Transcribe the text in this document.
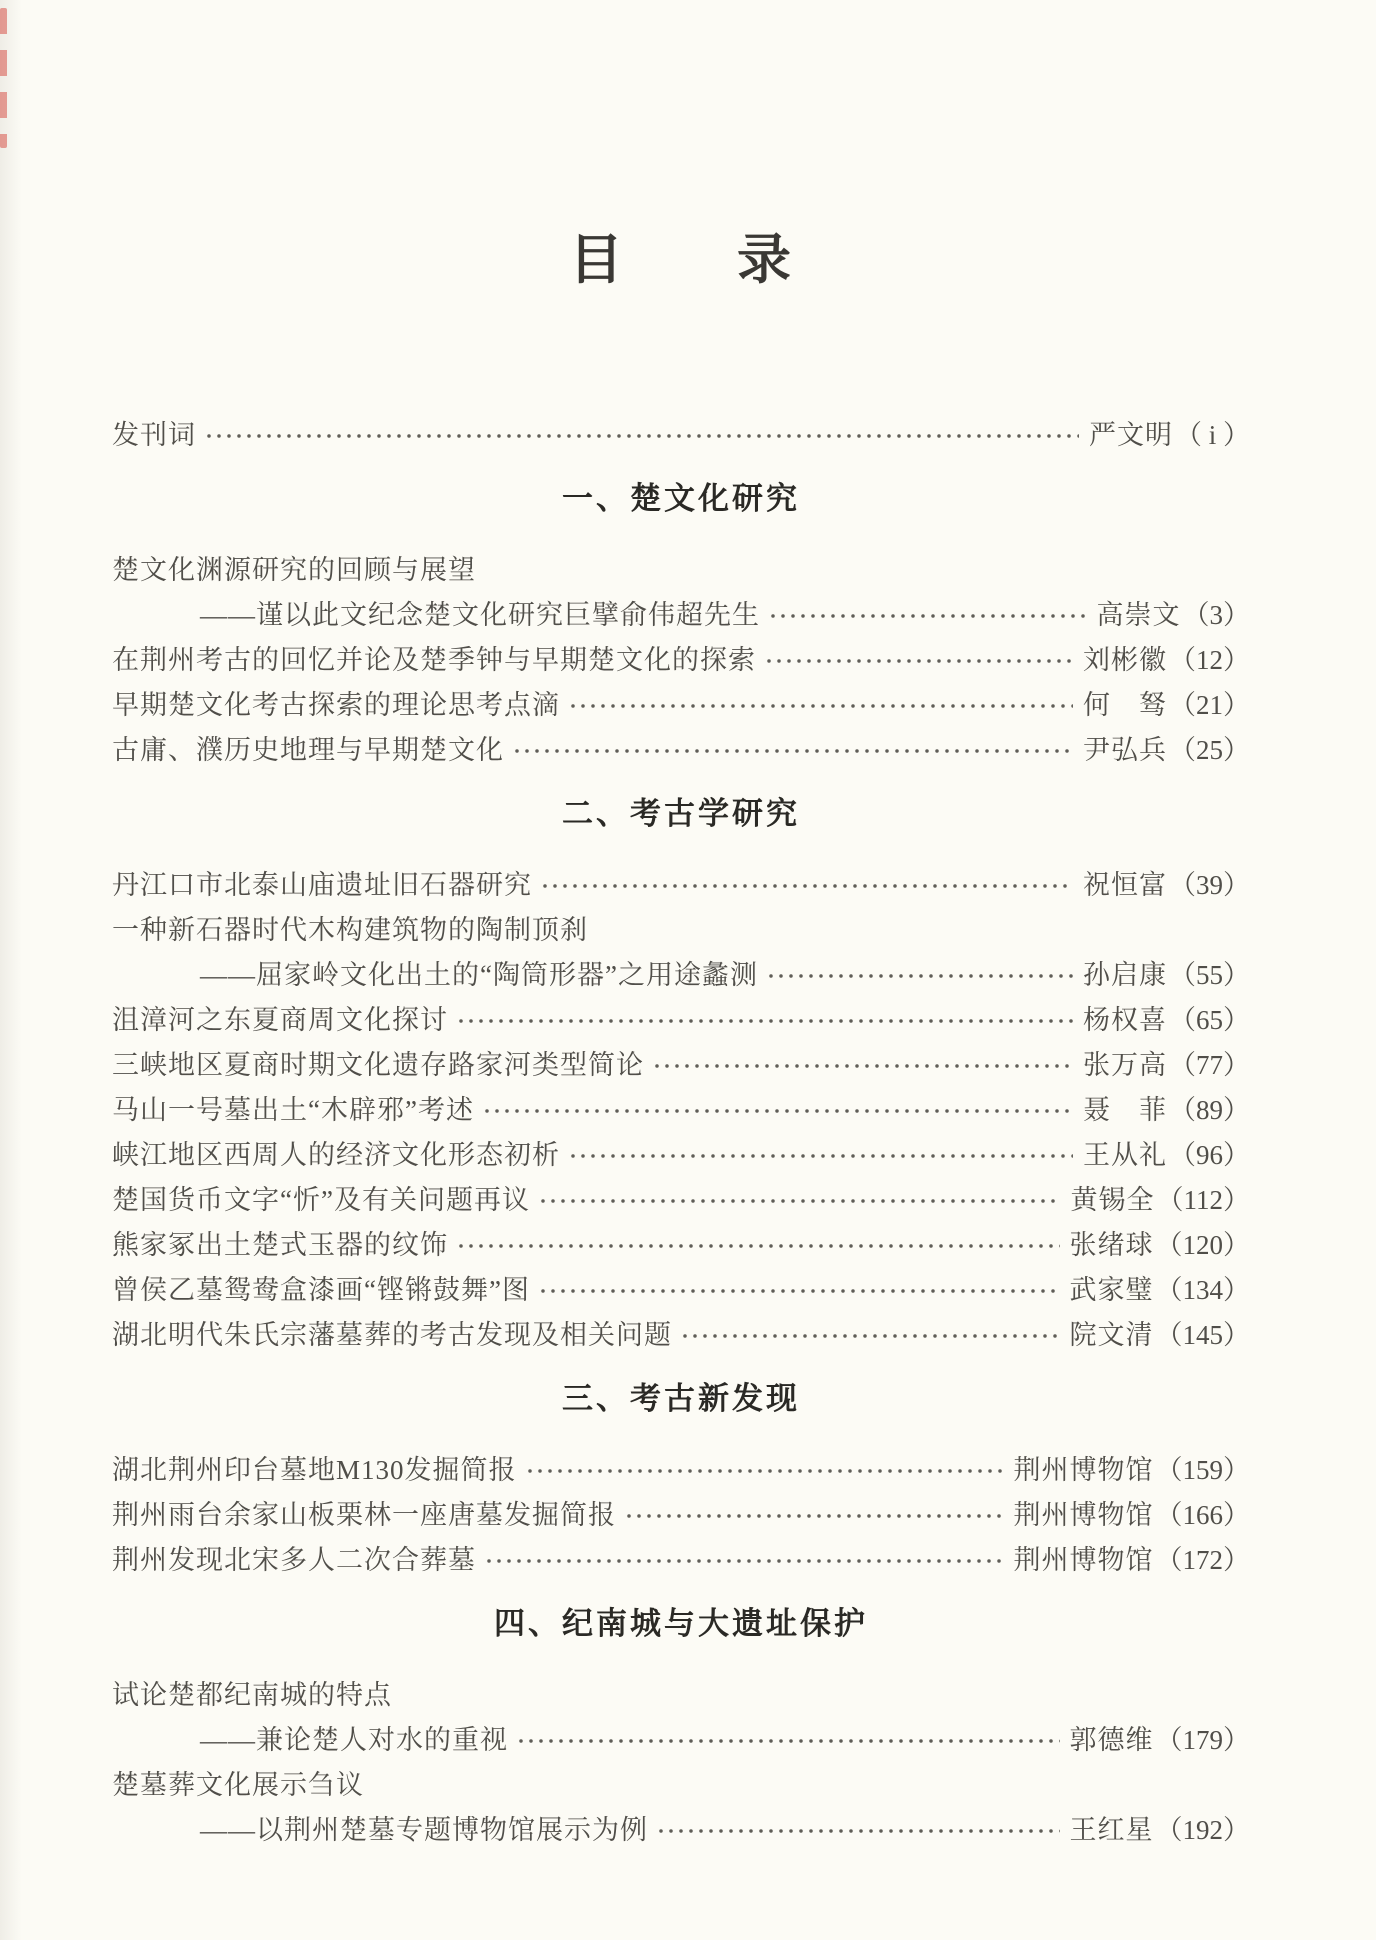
目　　录
发刊词	严文明 （ i ）
一、楚文化研究
楚文化渊源研究的回顾与展望
——谨以此文纪念楚文化研究巨擘俞伟超先生	高崇文 （3）
在荆州考古的回忆并论及楚季钟与早期楚文化的探索	刘彬徽 （12）
早期楚文化考古探索的理论思考点滴	何　驽 （21）
古庸、濮历史地理与早期楚文化	尹弘兵 （25）
二、考古学研究
丹江口市北泰山庙遗址旧石器研究	祝恒富 （39）
一种新石器时代木构建筑物的陶制顶刹
——屈家岭文化出土的“陶筒形器”之用途蠡测	孙启康 （55）
沮漳河之东夏商周文化探讨	杨权喜 （65）
三峡地区夏商时期文化遗存路家河类型简论	张万高 （77）
马山一号墓出土“木辟邪”考述	聂　菲 （89）
峡江地区西周人的经济文化形态初析	王从礼 （96）
楚国货币文字“忻”及有关问题再议	黄锡全 （112）
熊家冢出土楚式玉器的纹饰	张绪球 （120）
曾侯乙墓鸳鸯盒漆画“铿锵鼓舞”图	武家璧 （134）
湖北明代朱氏宗藩墓葬的考古发现及相关问题	院文清 （145）
三、考古新发现
湖北荆州印台墓地M130发掘简报	荆州博物馆 （159）
荆州雨台余家山板栗林一座唐墓发掘简报	荆州博物馆 （166）
荆州发现北宋多人二次合葬墓	荆州博物馆 （172）
四、纪南城与大遗址保护
试论楚都纪南城的特点
——兼论楚人对水的重视	郭德维 （179）
楚墓葬文化展示刍议
——以荆州楚墓专题博物馆展示为例	王红星 （192）
